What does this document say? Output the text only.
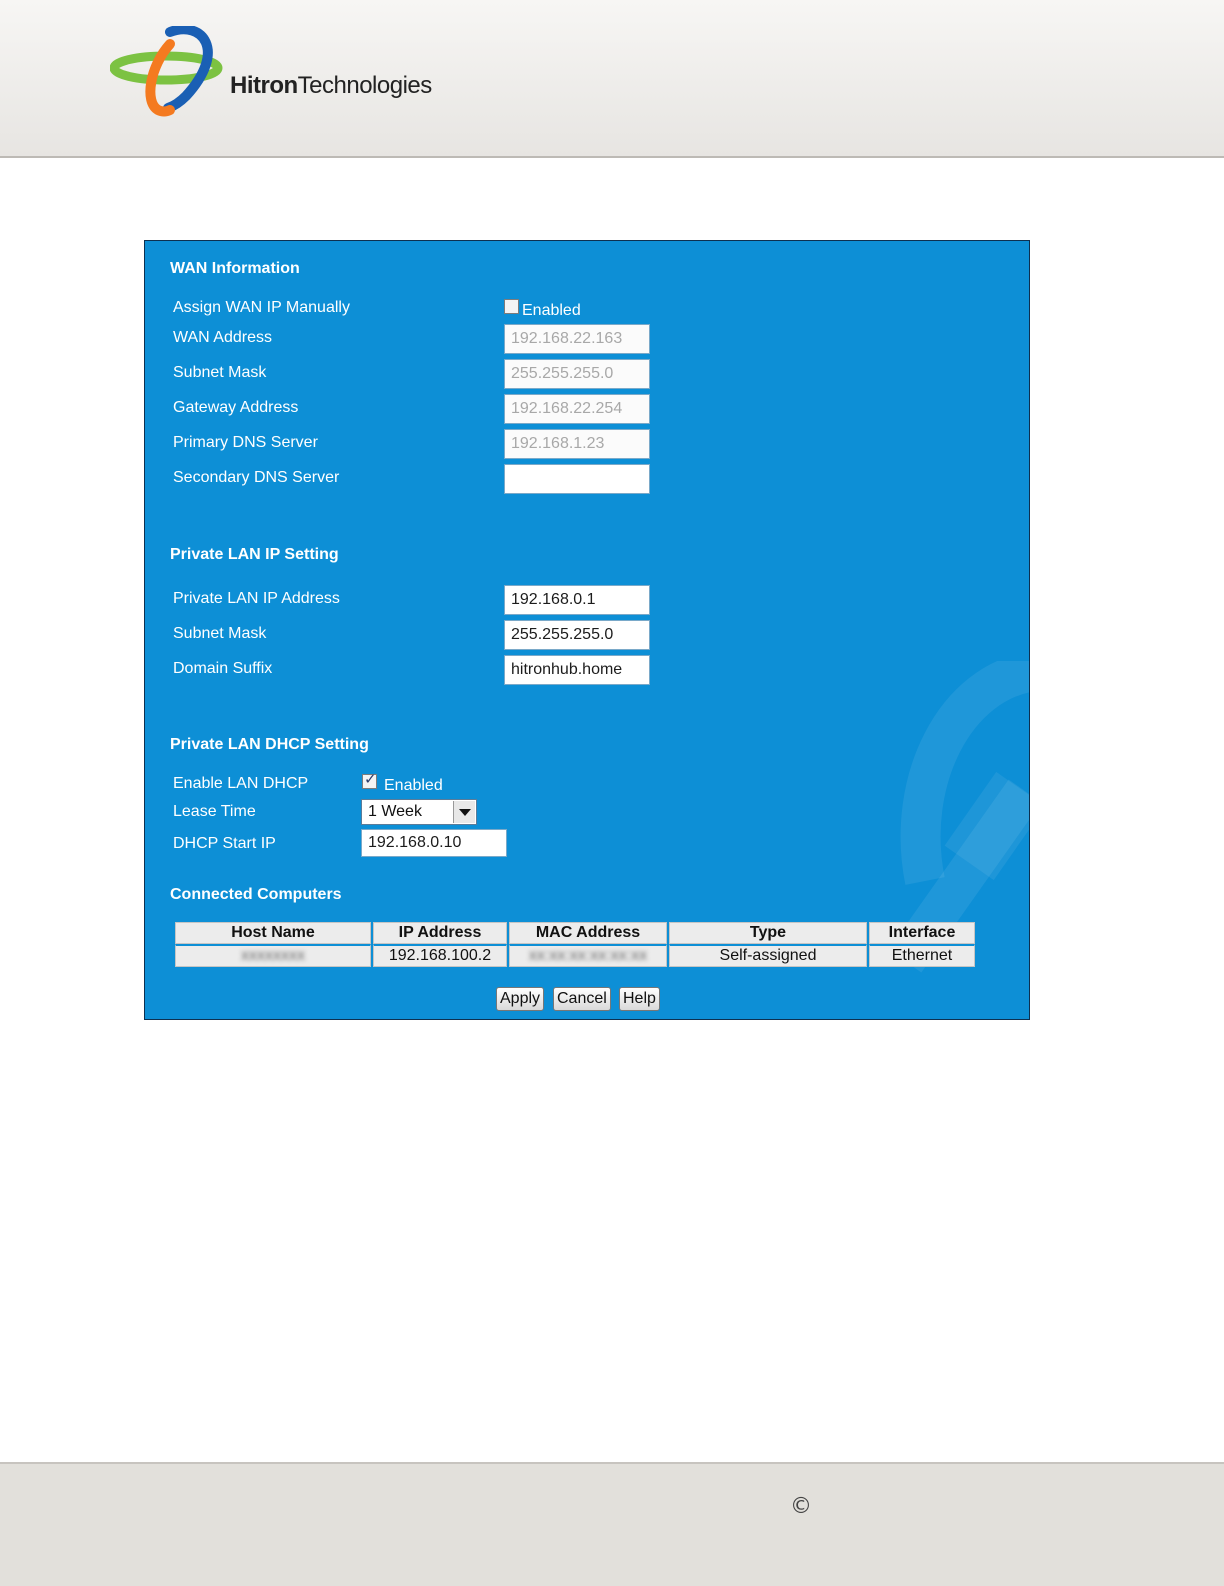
HitronTechnologies
WAN Information
Assign WAN IP Manually	Enabled
WAN Address	192.168.22.163
Subnet Mask	255.255.255.0
Gateway Address	192.168.22.254
Primary DNS Server	192.168.1.23
Secondary DNS Server
Private LAN IP Setting
Private LAN IP Address	192.168.0.1
Subnet Mask	255.255.255.0
Domain Suffix	hitronhub.home
Private LAN DHCP Setting
Enable LAN DHCP ✓	Enabled
Lease Time	1 Week
DHCP Start IP	192.168.0.10
Connected Computers
Host Name	IP Address	MAC Address	Type	Interface
xxxxxxxx	192.168.100.2	xx:xx:xx:xx:xx:xx	Self-assigned	Ethernet
Apply Cancel Help
©
